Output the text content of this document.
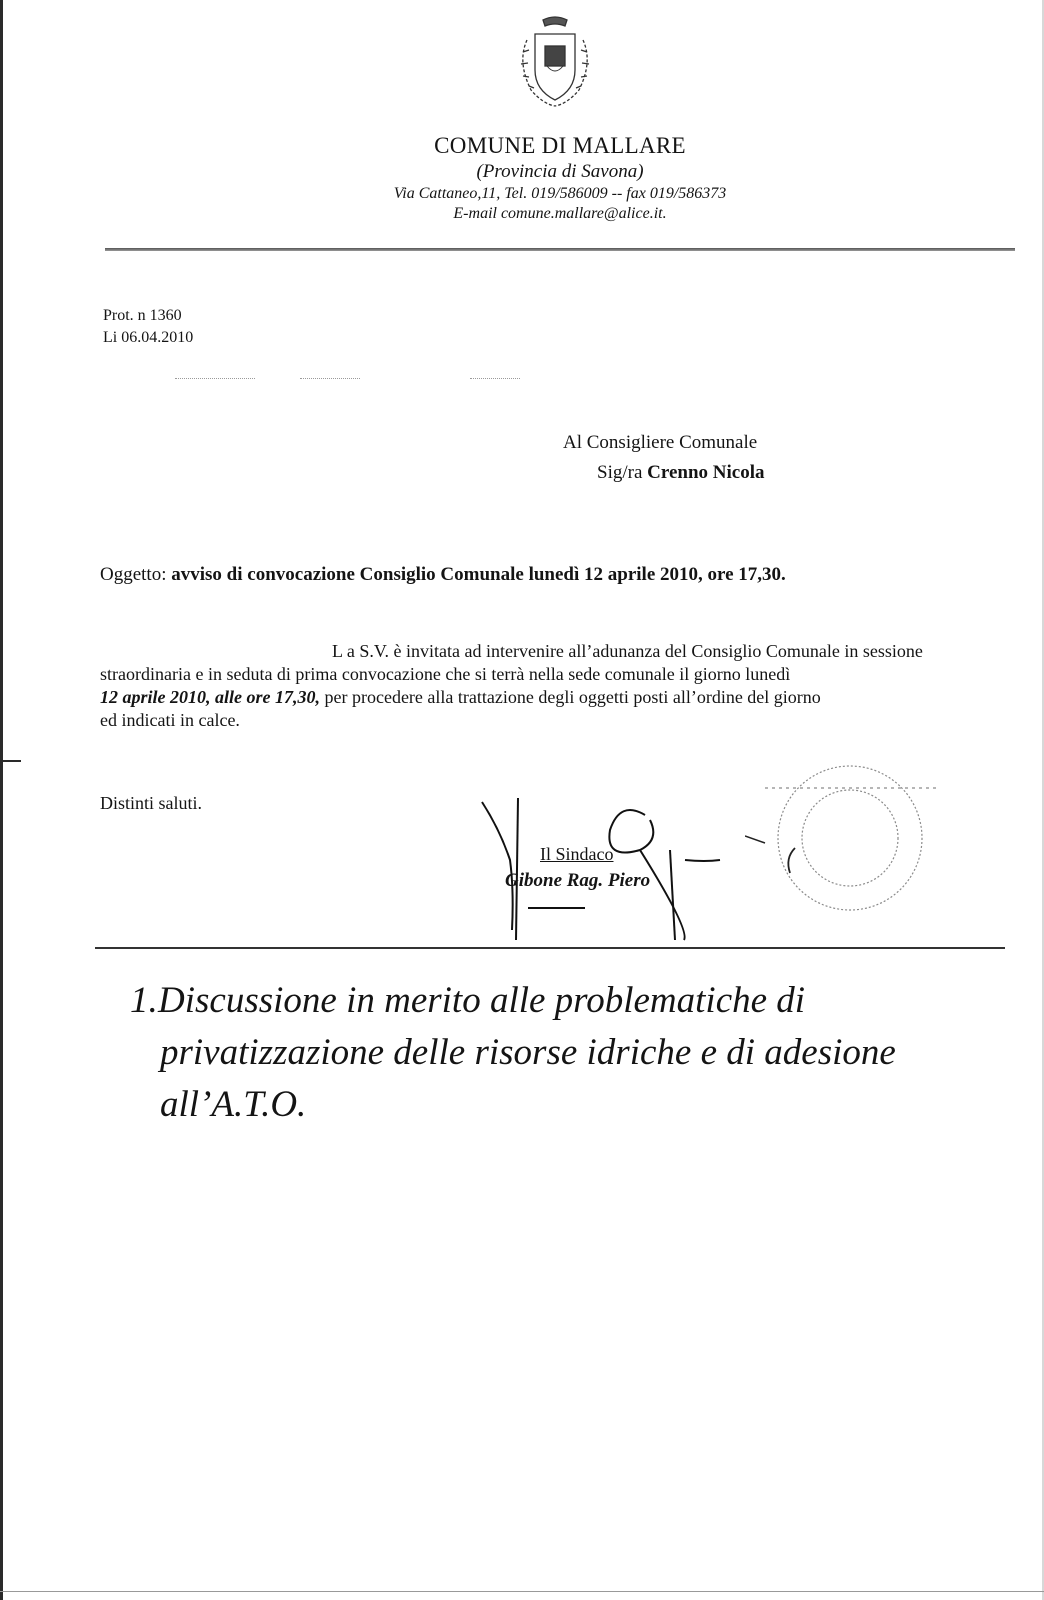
COMUNE DI MALLARE
(Provincia di Savona)
Via Cattaneo,11, Tel. 019/586009 -- fax 019/586373
E-mail comune.mallare@alice.it.
Prot. n 1360
Li 06.04.2010
Al Consigliere Comunale
Sig/ra Crenno Nicola
Oggetto: avviso di convocazione Consiglio Comunale lunedì 12 aprile 2010, ore 17,30.
L a S.V. è invitata ad intervenire all’adunanza del Consiglio Comunale in sessione
straordinaria e in seduta di prima convocazione che si terrà nella sede comunale il giorno lunedì
12 aprile 2010, alle ore 17,30, per procedere alla trattazione degli oggetti posti all’ordine del giorno
ed indicati in calce.
Distinti saluti.
Il Sindaco
Gibone Rag. Piero
1.Discussione in merito alle problematiche di
privatizzazione delle risorse idriche e di adesione
all’A.T.O.
